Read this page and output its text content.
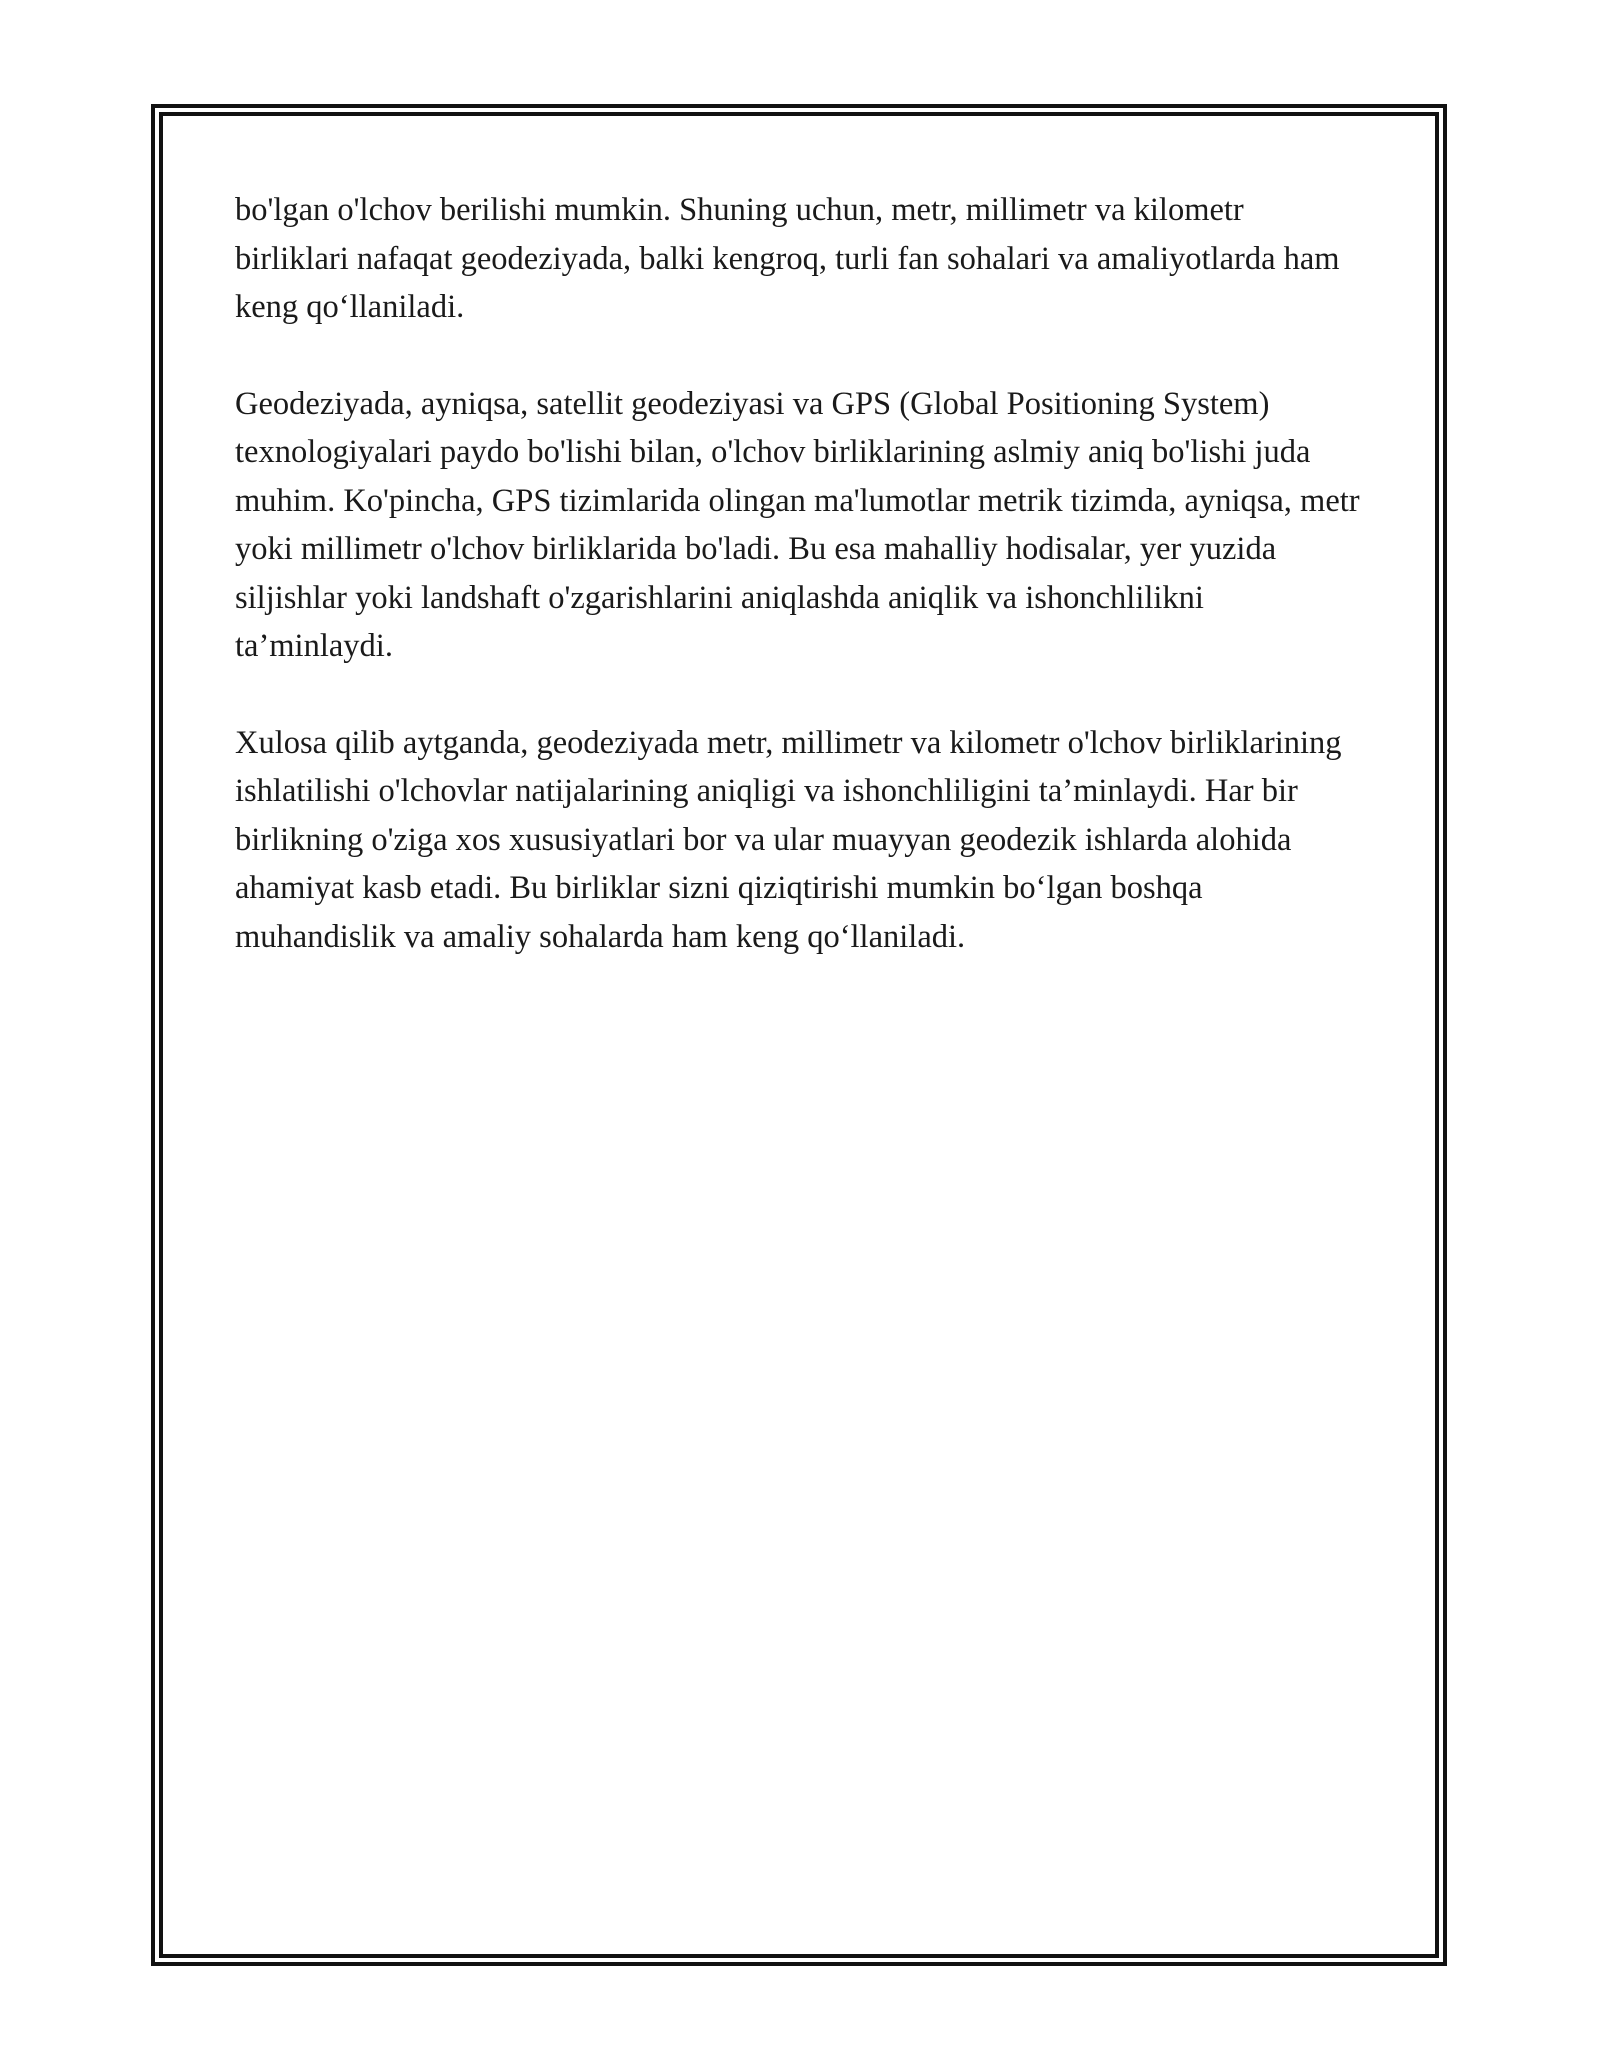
bo'lgan o'lchov berilishi mumkin. Shuning uchun, metr, millimetr va kilometr birliklari nafaqat geodeziyada, balki kengroq, turli fan sohalari va amaliyotlarda ham keng qo‘llaniladi.

Geodeziyada, ayniqsa, satellit geodeziyasi va GPS (Global Positioning System) texnologiyalari paydo bo'lishi bilan, o'lchov birliklarining aslmiy aniq bo'lishi juda muhim. Ko'pincha, GPS tizimlarida olingan ma'lumotlar metrik tizimda, ayniqsa, metr yoki millimetr o'lchov birliklarida bo'ladi. Bu esa mahalliy hodisalar, yer yuzida siljishlar yoki landshaft o'zgarishlarini aniqlashda aniqlik va ishonchlilikni ta’minlaydi.

Xulosa qilib aytganda, geodeziyada metr, millimetr va kilometr o'lchov birliklarining ishlatilishi o'lchovlar natijalarining aniqligi va ishonchliligini ta’minlaydi. Har bir birlikning o'ziga xos xususiyatlari bor va ular muayyan geodezik ishlarda alohida ahamiyat kasb etadi. Bu birliklar sizni qiziqtirishi mumkin bo‘lgan boshqa muhandislik va amaliy sohalarda ham keng qo‘llaniladi.
